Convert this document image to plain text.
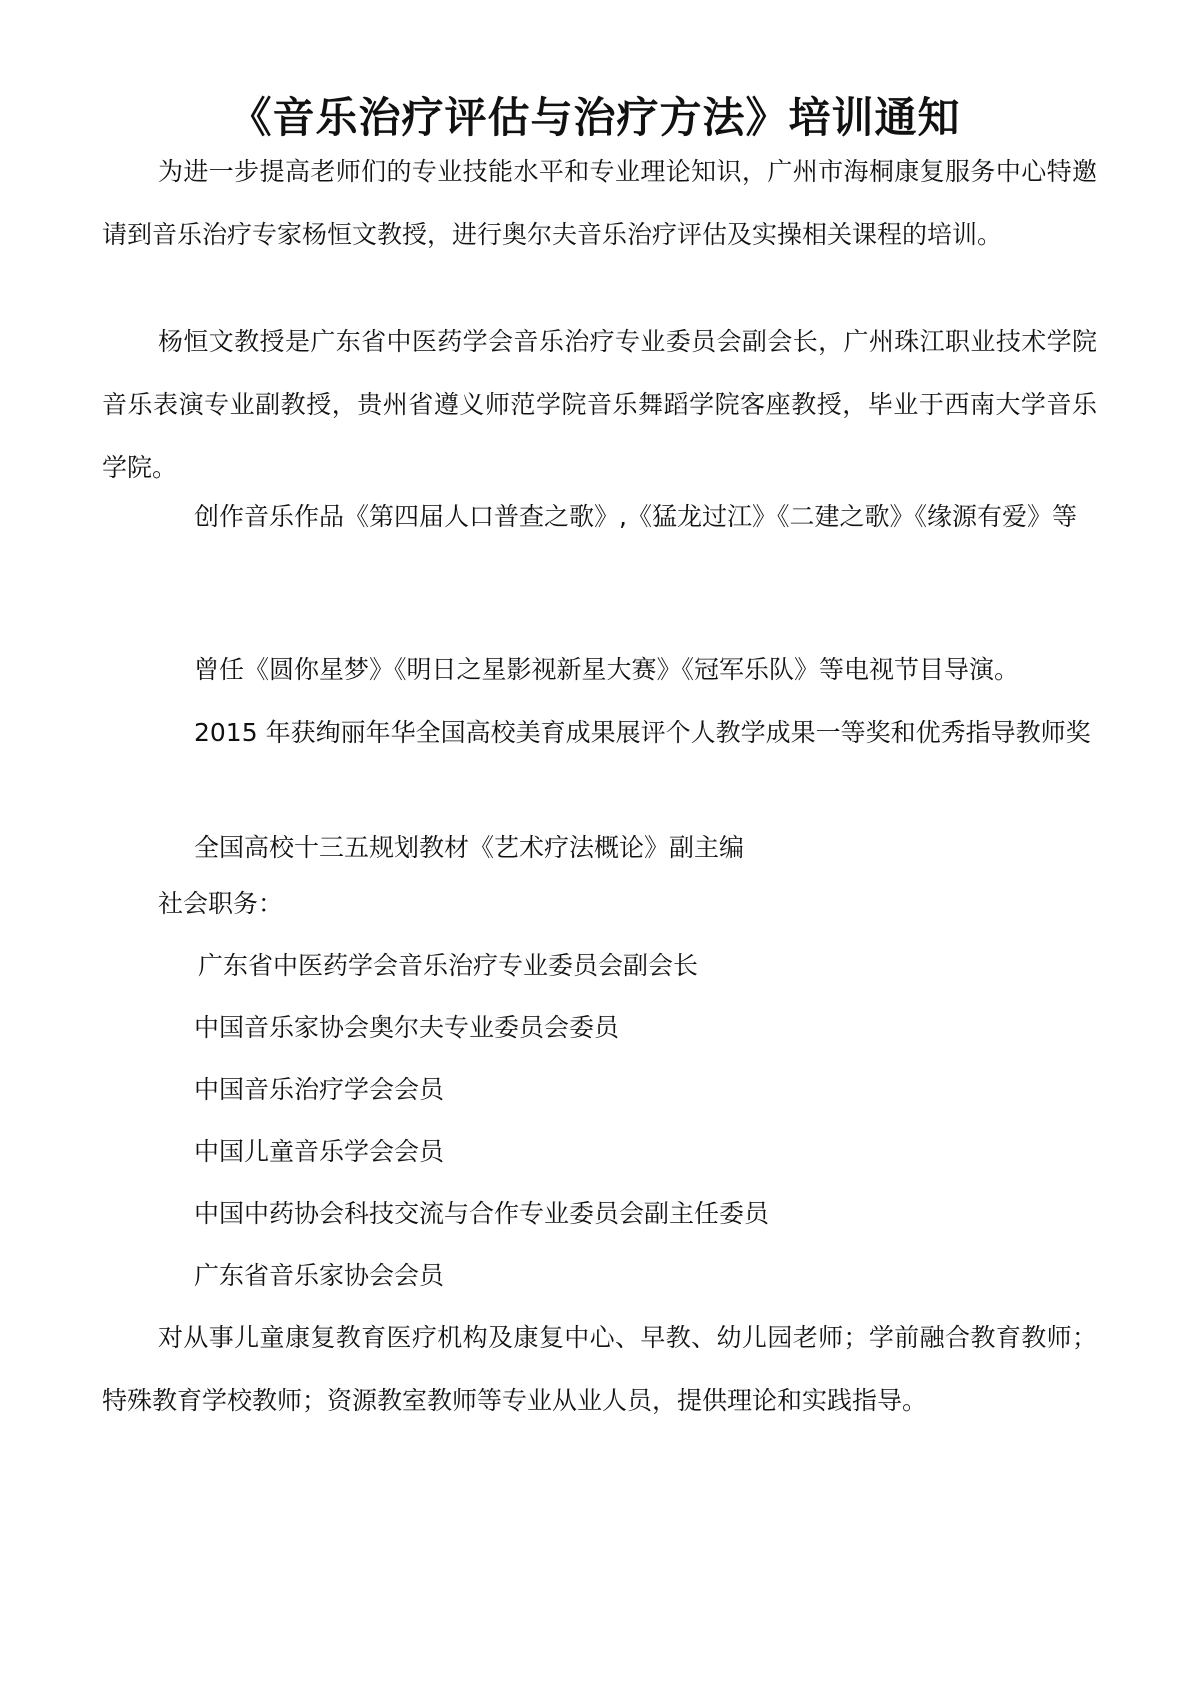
《音乐治疗评估与治疗方法》培训通知

为进一步提高老师们的专业技能水平和专业理论知识，广州市海桐康复服务中心特邀请到音乐治疗专家杨恒文教授，进行奥尔夫音乐治疗评估及实操相关课程的培训。

杨恒文教授是广东省中医药学会音乐治疗专业委员会副会长，广州珠江职业技术学院音乐表演专业副教授，贵州省遵义师范学院音乐舞蹈学院客座教授，毕业于西南大学音乐学院。

创作音乐作品《第四届人口普查之歌》,《猛龙过江》《二建之歌》《缘源有爱》等

曾任《圆你星梦》《明日之星影视新星大赛》《冠军乐队》等电视节目导演。

2015 年获绚丽年华全国高校美育成果展评个人教学成果一等奖和优秀指导教师奖

全国高校十三五规划教材《艺术疗法概论》副主编

社会职务：

广东省中医药学会音乐治疗专业委员会副会长

中国音乐家协会奥尔夫专业委员会委员

中国音乐治疗学会会员

中国儿童音乐学会会员

中国中药协会科技交流与合作专业委员会副主任委员

广东省音乐家协会会员

对从事儿童康复教育医疗机构及康复中心、早教、幼儿园老师；学前融合教育教师；特殊教育学校教师；资源教室教师等专业从业人员，提供理论和实践指导。
